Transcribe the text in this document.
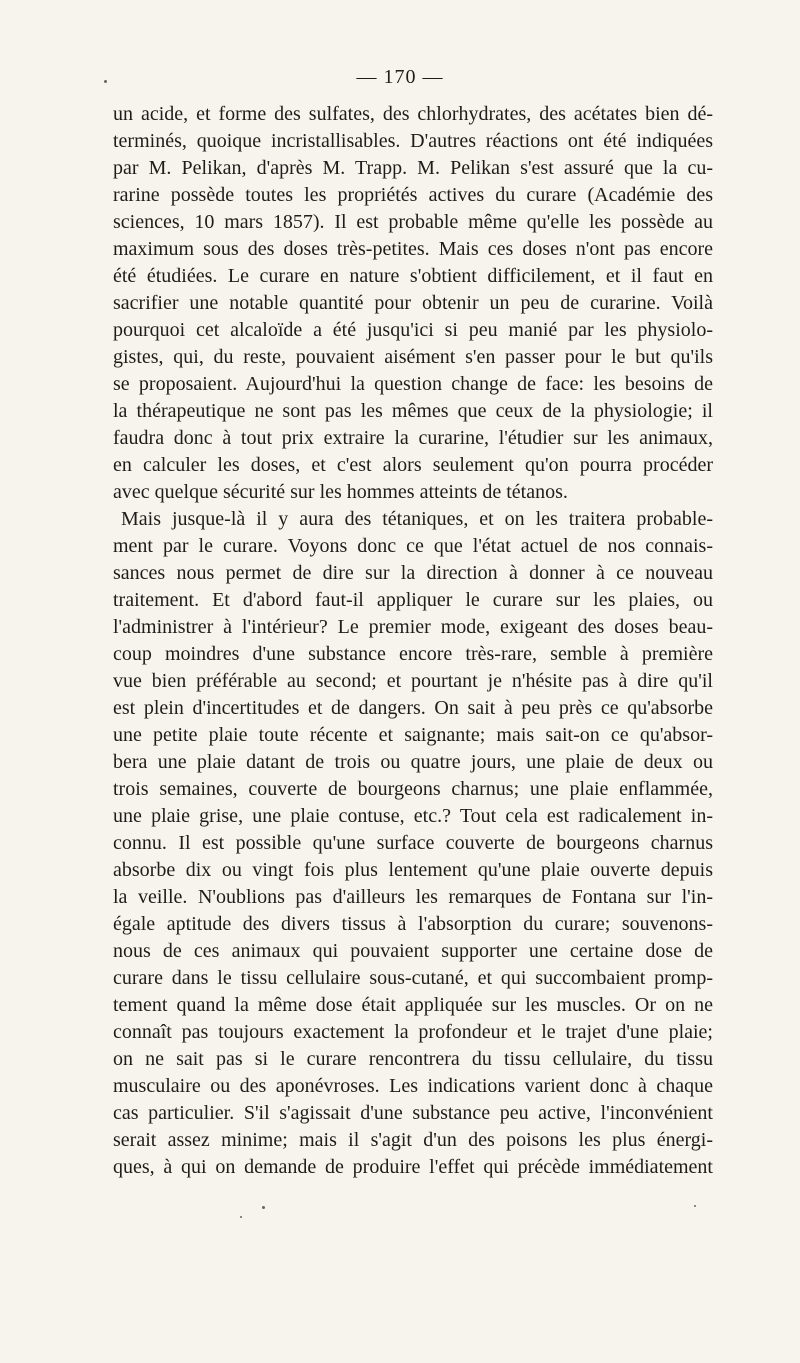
— 170 —
un acide, et forme des sulfates, des chlorhydrates, des acétates bien dé-
terminés, quoique incristallisables. D'autres réactions ont été indiquées
par M. Pelikan, d'après M. Trapp. M. Pelikan s'est assuré que la cu-
rarine possède toutes les propriétés actives du curare (Académie des
sciences, 10 mars 1857). Il est probable même qu'elle les possède au
maximum sous des doses très-petites. Mais ces doses n'ont pas encore
été étudiées. Le curare en nature s'obtient difficilement, et il faut en
sacrifier une notable quantité pour obtenir un peu de curarine. Voilà
pourquoi cet alcaloïde a été jusqu'ici si peu manié par les physiolo-
gistes, qui, du reste, pouvaient aisément s'en passer pour le but qu'ils
se proposaient. Aujourd'hui la question change de face: les besoins de
la thérapeutique ne sont pas les mêmes que ceux de la physiologie; il
faudra donc à tout prix extraire la curarine, l'étudier sur les animaux,
en calculer les doses, et c'est alors seulement qu'on pourra procéder
avec quelque sécurité sur les hommes atteints de tétanos.
Mais jusque-là il y aura des tétaniques, et on les traitera probable-
ment par le curare. Voyons donc ce que l'état actuel de nos connais-
sances nous permet de dire sur la direction à donner à ce nouveau
traitement. Et d'abord faut-il appliquer le curare sur les plaies, ou
l'administrer à l'intérieur? Le premier mode, exigeant des doses beau-
coup moindres d'une substance encore très-rare, semble à première
vue bien préférable au second; et pourtant je n'hésite pas à dire qu'il
est plein d'incertitudes et de dangers. On sait à peu près ce qu'absorbe
une petite plaie toute récente et saignante; mais sait-on ce qu'absor-
bera une plaie datant de trois ou quatre jours, une plaie de deux ou
trois semaines, couverte de bourgeons charnus; une plaie enflammée,
une plaie grise, une plaie contuse, etc.? Tout cela est radicalement in-
connu. Il est possible qu'une surface couverte de bourgeons charnus
absorbe dix ou vingt fois plus lentement qu'une plaie ouverte depuis
la veille. N'oublions pas d'ailleurs les remarques de Fontana sur l'in-
égale aptitude des divers tissus à l'absorption du curare; souvenons-
nous de ces animaux qui pouvaient supporter une certaine dose de
curare dans le tissu cellulaire sous-cutané, et qui succombaient promp-
tement quand la même dose était appliquée sur les muscles. Or on ne
connaît pas toujours exactement la profondeur et le trajet d'une plaie;
on ne sait pas si le curare rencontrera du tissu cellulaire, du tissu
musculaire ou des aponévroses. Les indications varient donc à chaque
cas particulier. S'il s'agissait d'une substance peu active, l'inconvénient
serait assez minime; mais il s'agit d'un des poisons les plus énergi-
ques, à qui on demande de produire l'effet qui précède immédiatement
